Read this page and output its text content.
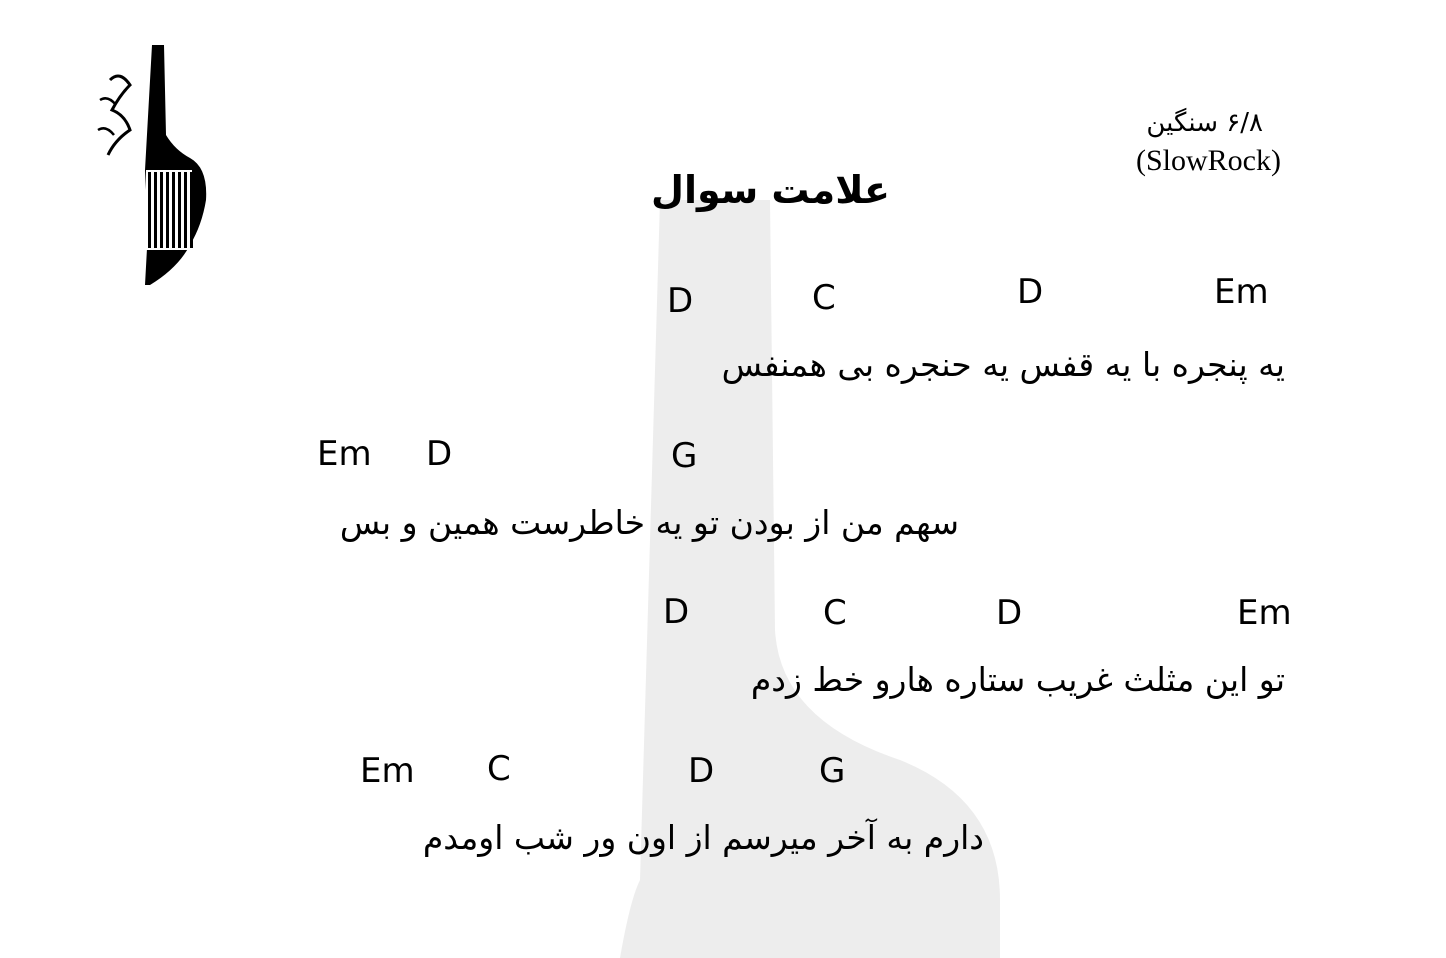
۶/۸ سنگین
(SlowRock)
علامت سوال
D	C	D	Em
یه پنجره با یه قفس یه حنجره بی همنفس
Em D	G
سهم من از بودن تو یه خاطرست همین و بس
D	C	D	Em
تو این مثلث غریب ستاره هارو خط زدم
Em C	D	G
دارم به آخر میرسم از اون ور شب اومدم
